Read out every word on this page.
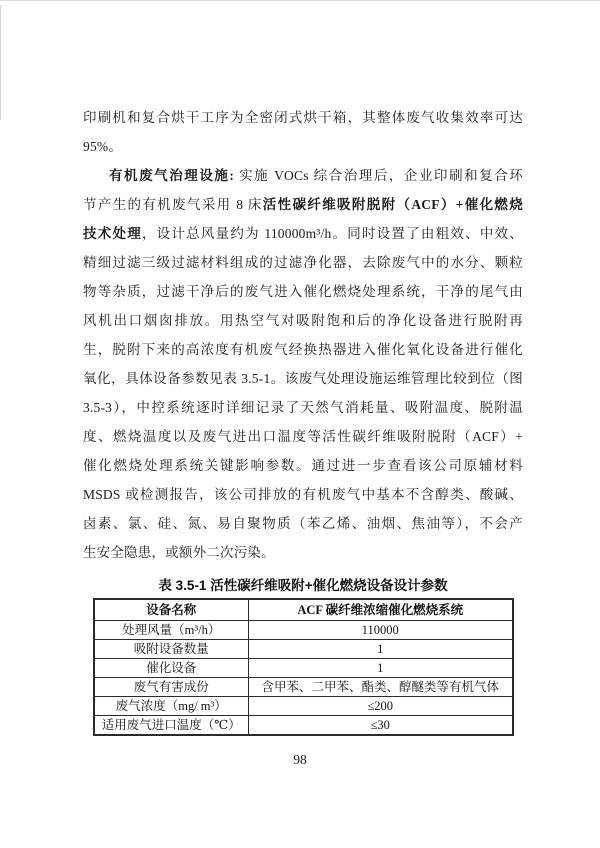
印刷机和复合烘干工序为全密闭式烘干箱，其整体废气收集效率可达
95%。
有机废气治理设施: 实施 VOCs 综合治理后，企业印刷和复合环
节产生的有机废气采用 8 床活性碳纤维吸附脱附（ACF）+催化燃烧
技术处理，设计总风量约为 110000m³/h。同时设置了由粗效、中效、
精细过滤三级过滤材料组成的过滤净化器，去除废气中的水分、颗粒
物等杂质，过滤干净后的废气进入催化燃烧处理系统，干净的尾气由
风机出口烟囱排放。用热空气对吸附饱和后的净化设备进行脱附再
生，脱附下来的高浓度有机废气经换热器进入催化氧化设备进行催化
氧化，具体设备参数见表 3.5-1。该废气处理设施运维管理比较到位（图
3.5-3），中控系统逐时详细记录了天然气消耗量、吸附温度、脱附温
度、燃烧温度以及废气进出口温度等活性碳纤维吸附脱附（ACF）+
催化燃烧处理系统关键影响参数。通过进一步查看该公司原辅材料
MSDS 或检测报告，该公司排放的有机废气中基本不含醇类、酸碱、
卤素、氯、硅、氮、易自聚物质（苯乙烯、油烟、焦油等），不会产
生安全隐患，或额外二次污染。
表 3.5-1 活性碳纤维吸附+催化燃烧设备设计参数
设备名称	ACF 碳纤维浓缩催化燃烧系统
处理风量（m³/h）	110000
吸附设备数量	1
催化设备	1
废气有害成份	含甲苯、二甲苯、酯类、醇醚类等有机气体
废气浓度（mg/ m³）	≤200
适用废气进口温度（℃）	≤30
98
